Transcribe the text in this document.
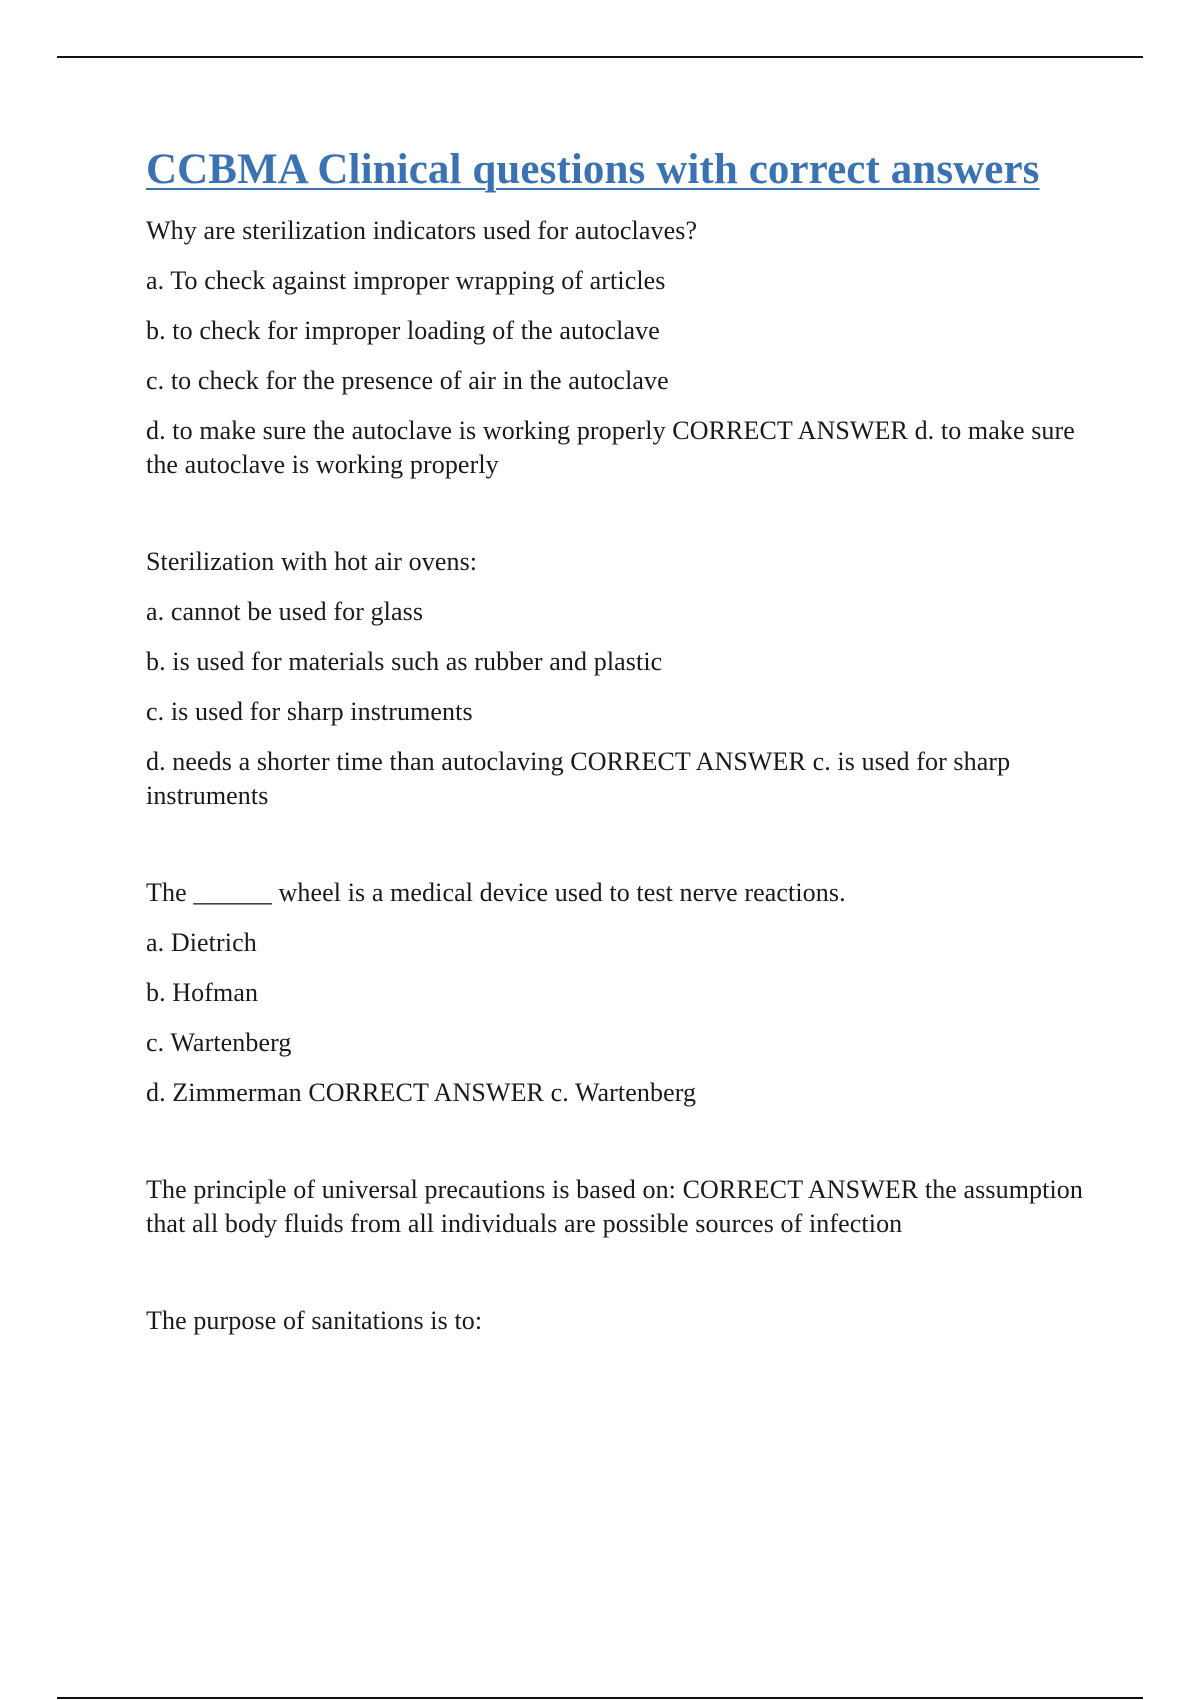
CCBMA Clinical questions with correct answers
Why are sterilization indicators used for autoclaves?
a. To check against improper wrapping of articles
b. to check for improper loading of the autoclave
c. to check for the presence of air in the autoclave
d. to make sure the autoclave is working properly CORRECT ANSWER d. to make sure the autoclave is working properly
Sterilization with hot air ovens:
a. cannot be used for glass
b. is used for materials such as rubber and plastic
c. is used for sharp instruments
d. needs a shorter time than autoclaving CORRECT ANSWER c. is used for sharp instruments
The ______ wheel is a medical device used to test nerve reactions.
a. Dietrich
b. Hofman
c. Wartenberg
d. Zimmerman CORRECT ANSWER c. Wartenberg
The principle of universal precautions is based on: CORRECT ANSWER the assumption that all body fluids from all individuals are possible sources of infection
The purpose of sanitations is to:
